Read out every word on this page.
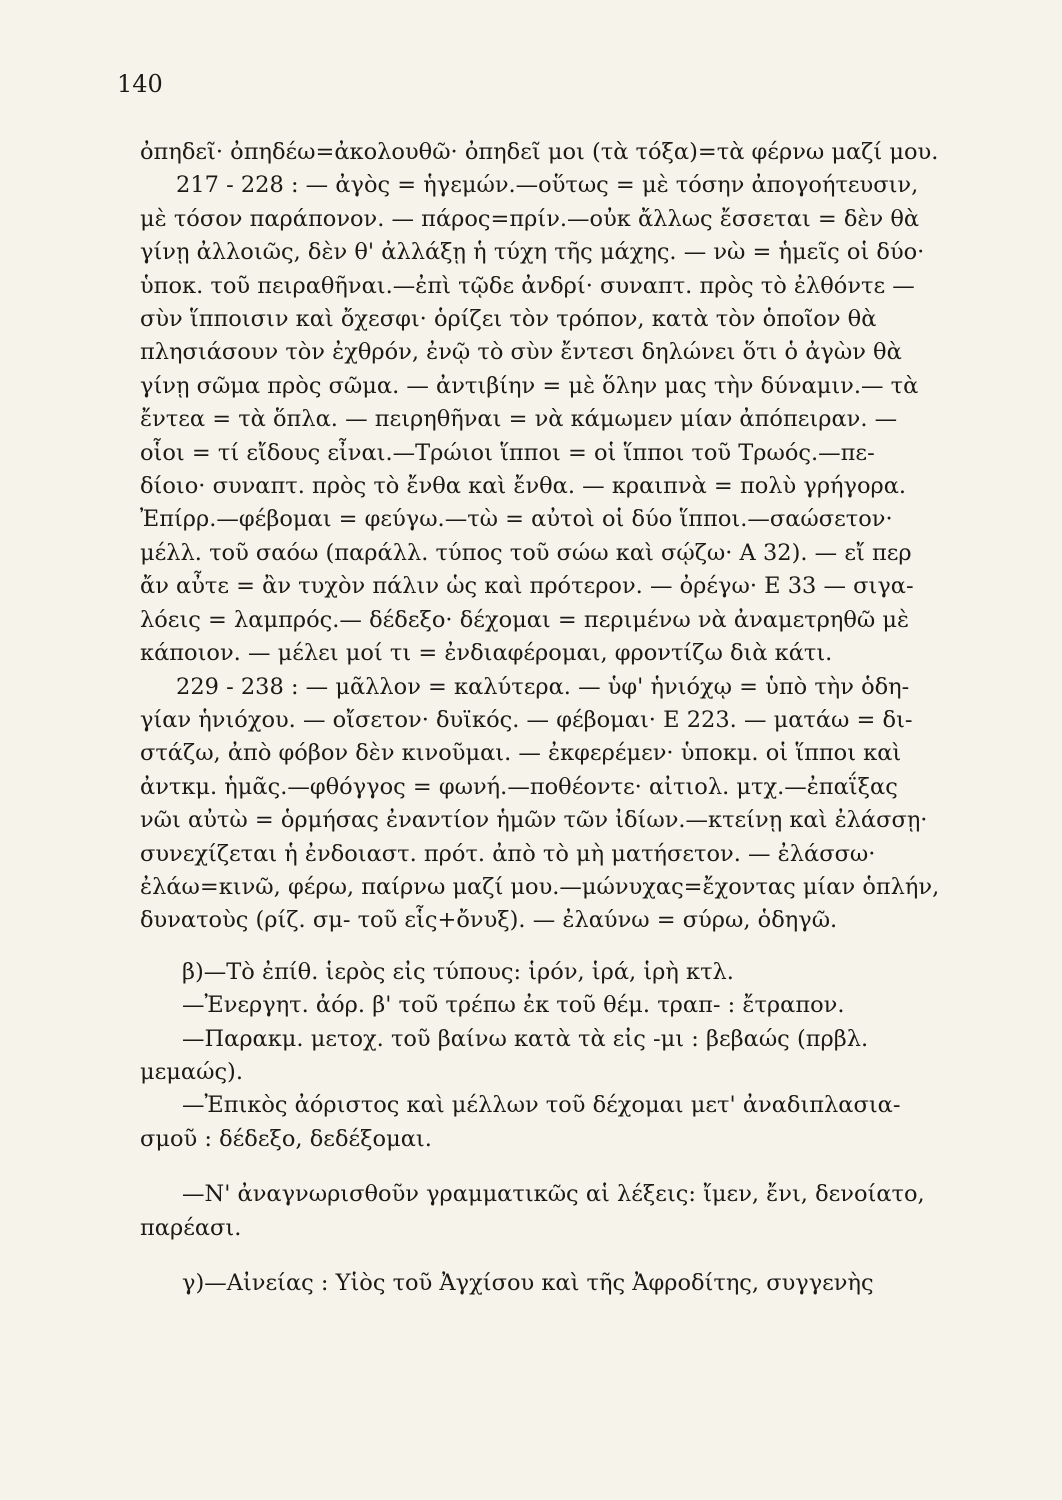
140
ὀπηδεῖ· ὀπηδέω=ἀκολουθῶ· ὀπηδεῖ μοι (τὰ τόξα)=τὰ φέρνω μαζί μου.
217 - 228 : — ἀγὸς = ἡγεμών.—οὕτως = μὲ τόσην ἀπογοήτευσιν,
μὲ τόσον παράπονον. — πάρος=πρίν.—οὐκ ἄλλως ἔσσεται = δὲν θὰ
γίνῃ ἀλλοιῶς, δὲν θ' ἀλλάξῃ ἡ τύχη τῆς μάχης. — νὼ = ἡμεῖς οἱ δύο·
ὑποκ. τοῦ πειραθῆναι.—ἐπὶ τῷδε ἀνδρί· συναπτ. πρὸς τὸ ἐλθόντε —
σὺν ἵπποισιν καὶ ὄχεσφι· ὁρίζει τὸν τρόπον, κατὰ τὸν ὁποῖον θὰ
πλησιάσουν τὸν ἐχθρόν, ἐνῷ τὸ σὺν ἔντεσι δηλώνει ὅτι ὁ ἀγὼν θὰ
γίνῃ σῶμα πρὸς σῶμα. — ἀντιβίην = μὲ ὅλην μας τὴν δύναμιν.— τὰ
ἔντεα = τὰ ὅπλα. — πειρηθῆναι = νὰ κάμωμεν μίαν ἀπόπειραν. —
οἷοι = τί εἴδους εἶναι.—Τρώιοι ἵπποι = οἱ ἵπποι τοῦ Τρωός.—πε-
δίοιο· συναπτ. πρὸς τὸ ἔνθα καὶ ἔνθα. — κραιπνὰ = πολὺ γρήγορα.
Ἐπίρρ.—φέβομαι = φεύγω.—τὼ = αὐτοὶ οἱ δύο ἵπποι.—σαώσετον·
μέλλ. τοῦ σαόω (παράλλ. τύπος τοῦ σώω καὶ σῴζω· Α 32). — εἴ περ
ἄν αὖτε = ἂν τυχὸν πάλιν ὡς καὶ πρότερον. — ὀρέγω· Ε 33 — σιγα-
λόεις = λαμπρός.— δέδεξο· δέχομαι = περιμένω νὰ ἀναμετρηθῶ μὲ
κάποιον. — μέλει μοί τι = ἐνδιαφέρομαι, φροντίζω διὰ κάτι.
229 - 238 : — μᾶλλον = καλύτερα. — ὑφ' ἡνιόχῳ = ὑπὸ τὴν ὁδη-
γίαν ἡνιόχου. — οἴσετον· δυϊκός. — φέβομαι· Ε 223. — ματάω = δι-
στάζω, ἀπὸ φόβον δὲν κινοῦμαι. — ἐκφερέμεν· ὑποκμ. οἱ ἵπποι καὶ
ἀντκμ. ἡμᾶς.—φθόγγος = φωνή.—ποθέοντε· αἰτιολ. μτχ.—ἐπαΐξας
νῶι αὐτὼ = ὁρμήσας ἐναντίον ἡμῶν τῶν ἰδίων.—κτείνῃ καὶ ἐλάσσῃ·
συνεχίζεται ἡ ἐνδοιαστ. πρότ. ἀπὸ τὸ μὴ ματήσετον. — ἐλάσσω·
ἐλάω=κινῶ, φέρω, παίρνω μαζί μου.—μώνυχας=ἔχοντας μίαν ὁπλήν,
δυνατοὺς (ρίζ. σμ- τοῦ εἷς+ὄνυξ). — ἐλαύνω = σύρω, ὁδηγῶ.
β)—Τὸ ἐπίθ. ἱερὸς εἰς τύπους: ἱρόν, ἱρά, ἱρὴ κτλ.
—Ἐνεργητ. ἀόρ. β' τοῦ τρέπω ἐκ τοῦ θέμ. τραπ- : ἔτραπον.
—Παρακμ. μετοχ. τοῦ βαίνω κατὰ τὰ εἰς -μι : βεβαώς (πρβλ.
μεμαώς).
—Ἐπικὸς ἀόριστος καὶ μέλλων τοῦ δέχομαι μετ' ἀναδιπλασια-
σμοῦ : δέδεξο, δεδέξομαι.
—Ν' ἀναγνωρισθοῦν γραμματικῶς αἱ λέξεις: ἴμεν, ἔνι, δενοίατο,
παρέασι.
γ)—Αἰνείας : Υἱὸς τοῦ Ἀγχίσου καὶ τῆς Ἀφροδίτης, συγγενὴς
